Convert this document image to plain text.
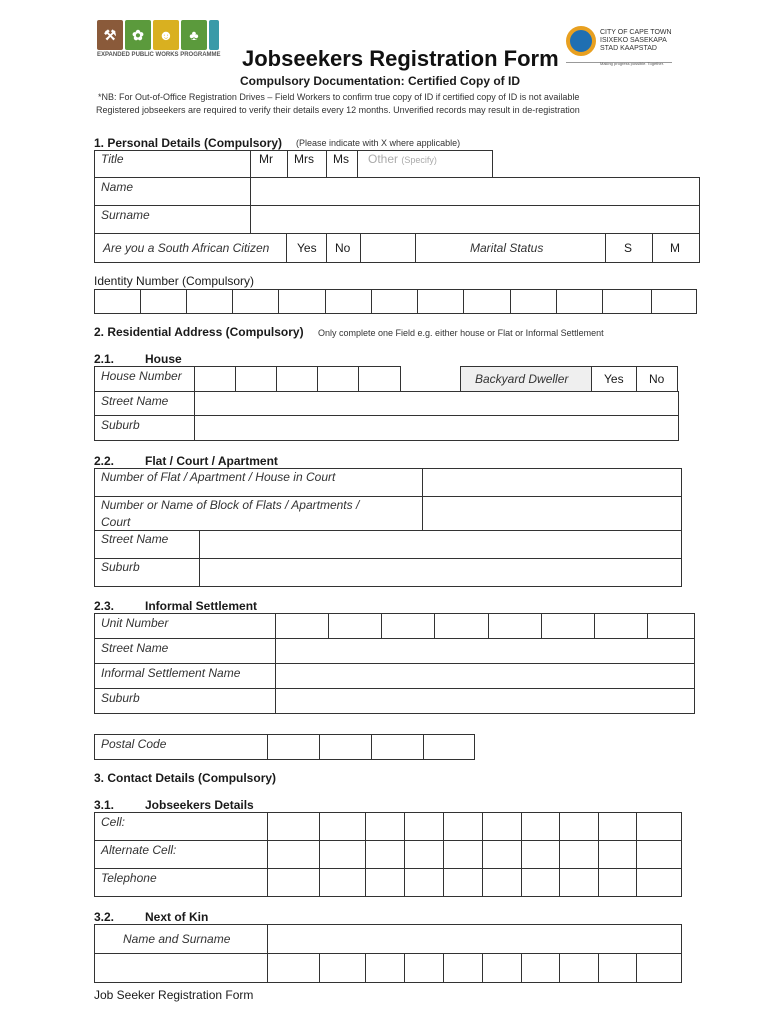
⚒	✿	☻	♣
EXPANDED PUBLIC WORKS PROGRAMME Jobseekers Registration Form
CITY OF CAPE TOWN
ISIXEKO SASEKAPA
STAD KAAPSTAD
Making progress possible. Together.
Compulsory Documentation: Certified Copy of ID
*NB: For Out-of-Office Registration Drives – Field Workers to confirm true copy of ID if certified copy of ID is not available
Registered jobseekers are required to verify their details every 12 months. Unverified records may result in de-registration
1. Personal Details (Compulsory) (Please indicate with X where applicable)
Title	Mr Mrs Ms Other (Specify)
Name
Surname
Are you a South African Citizen Yes No	Marital Status	S	M
Identity Number (Compulsory)
2. Residential Address (Compulsory) Only complete one Field e.g. either house or Flat or Informal Settlement
2.1.	House
House Number	Backyard Dweller	Yes No
Street Name
Suburb
2.2.	Flat / Court / Apartment
Number of Flat / Apartment / House in Court
Number or Name of Block of Flats / Apartments /
Court
Street Name
Suburb
2.3.	Informal Settlement
Unit Number
Street Name
Informal Settlement Name
Suburb
Postal Code
3. Contact Details (Compulsory)
3.1.	Jobseekers Details
Cell:
Alternate Cell:
Telephone
3.2.	Next of Kin
Name and Surname
Job Seeker Registration Form
